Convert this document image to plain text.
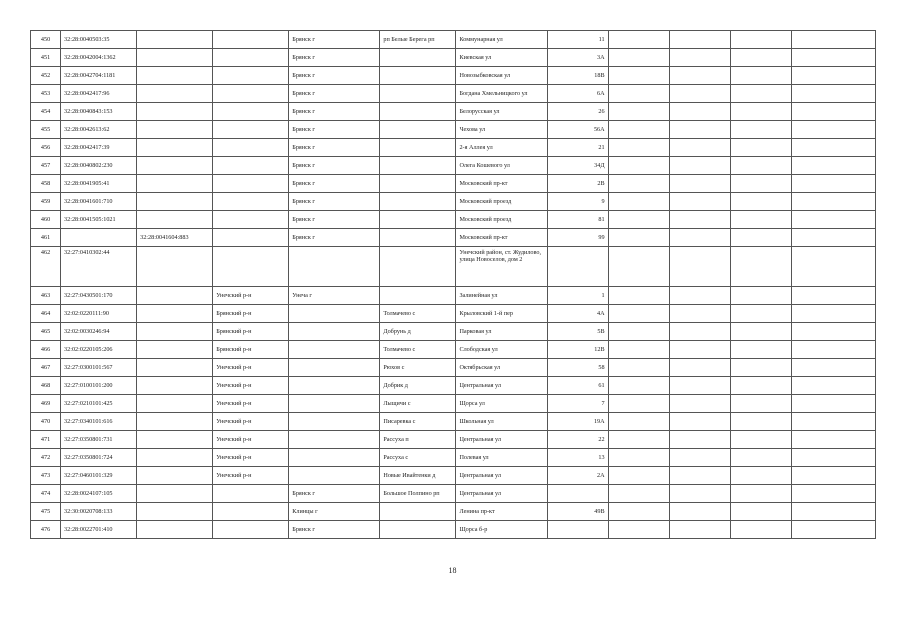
450	32:28:0040503:35			Брянск г	рп Белые Берега рп	Коммунарная ул	11				
451	32:28:0042004:1362			Брянск г		Киевская ул	3А				
452	32:28:0042704:1181			Брянск г		Новозыбковская ул	18В				
453	32:28:0042417:96			Брянск г		Богдана Хмельницкого ул	6А				
454	32:28:0040843:153			Брянск г		Белорусская ул	26				
455	32:28:0042613:62			Брянск г		Чехова ул	56А				
456	32:28:0042417:39			Брянск г		2-я Аллея ул	21				
457	32:28:0040802:230			Брянск г		Олега Кошевого ул	34Д				
458	32:28:0041905:41			Брянск г		Московский пр-кт	2В				
459	32:28:0041601:710			Брянск г		Московский проезд	9				
460	32:28:0041505:1021			Брянск г		Московский проезд	81				
461		32:28:0041604:883		Брянск г		Московский пр-кт	99				
462	32:27:0410302:44					Унечский район, ст. Жудилово, улица Новоселов, дом 2					
463	32:27:0430501:170		Унечский р-н	Унеча г		Залинейная ул	1				
464	32:02:0220111:90		Брянский р-н		Толмачево с	Крыловский 1-й пер	4А				
465	32:02:0030246:94		Брянский р-н		Добрунь д	Парковая ул	5В				
466	32:02:0220105:206		Брянский р-н		Толмачево с	Слободская ул	12В				
467	32:27:0300101:567		Унечский р-н		Рюхов с	Октябрьская ул	58				
468	32:27:0100101:200		Унечский р-н		Добрик д	Центральная ул	61				
469	32:27:0210101:425		Унечский р-н		Лыщичи с	Щорса ул	7				
470	32:27:0340101:616		Унечский р-н		Писаревка с	Школьная ул	19А				
471	32:27:0350801:731		Унечский р-н		Рассуха п	Центральная ул	22				
472	32:27:0350801:724		Унечский р-н		Рассуха с	Полевая ул	13				
473	32:27:0460101:329		Унечский р-н		Новые Ивайтенки д	Центральная ул	2А				
474	32:28:0024107:105			Брянск г	Большое Полпино рп	Центральная ул					
475	32:30:0020708:133			Клинцы г		Ленина пр-кт	49В				
476	32:28:0022701:410			Брянск г		Щорса б-р					
18
